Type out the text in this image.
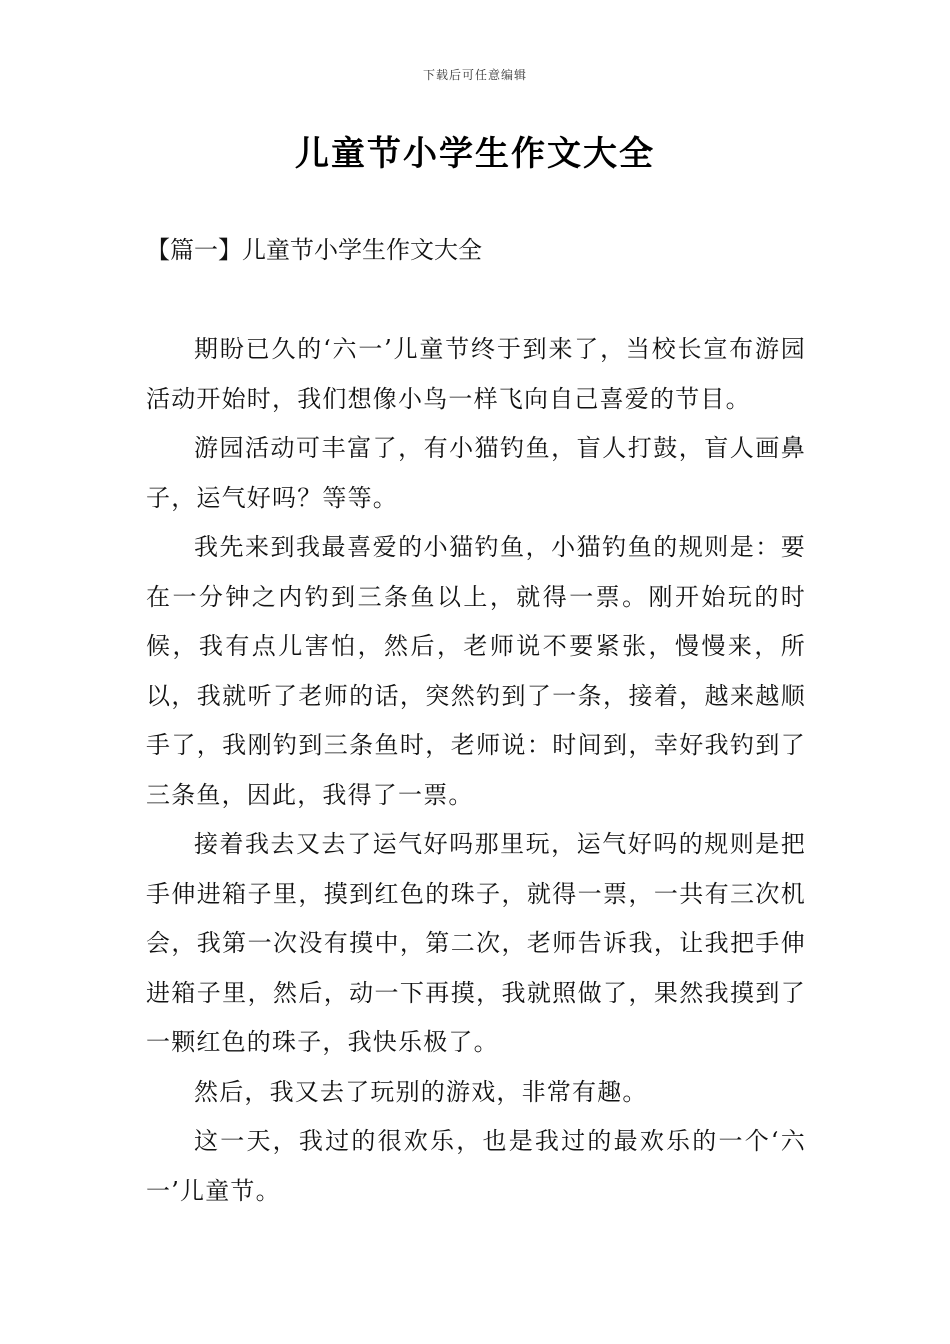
下载后可任意编辑
儿童节小学生作文大全
【篇一】儿童节小学生作文大全

期盼已久的‘六一’儿童节终于到来了，当校长宣布游园活动开始时，我们想像小鸟一样飞向自己喜爱的节目。

游园活动可丰富了，有小猫钓鱼，盲人打鼓，盲人画鼻子，运气好吗？等等。

我先来到我最喜爱的小猫钓鱼，小猫钓鱼的规则是：要在一分钟之内钓到三条鱼以上，就得一票。刚开始玩的时候，我有点儿害怕，然后，老师说不要紧张，慢慢来，所以，我就听了老师的话，突然钓到了一条，接着，越来越顺手了，我刚钓到三条鱼时，老师说：时间到，幸好我钓到了三条鱼，因此，我得了一票。

接着我去又去了运气好吗那里玩，运气好吗的规则是把手伸进箱子里，摸到红色的珠子，就得一票，一共有三次机会，我第一次没有摸中，第二次，老师告诉我，让我把手伸进箱子里，然后，动一下再摸，我就照做了，果然我摸到了一颗红色的珠子，我快乐极了。

然后，我又去了玩别的游戏，非常有趣。

这一天，我过的很欢乐，也是我过的最欢乐的一个‘六一’儿童节。
